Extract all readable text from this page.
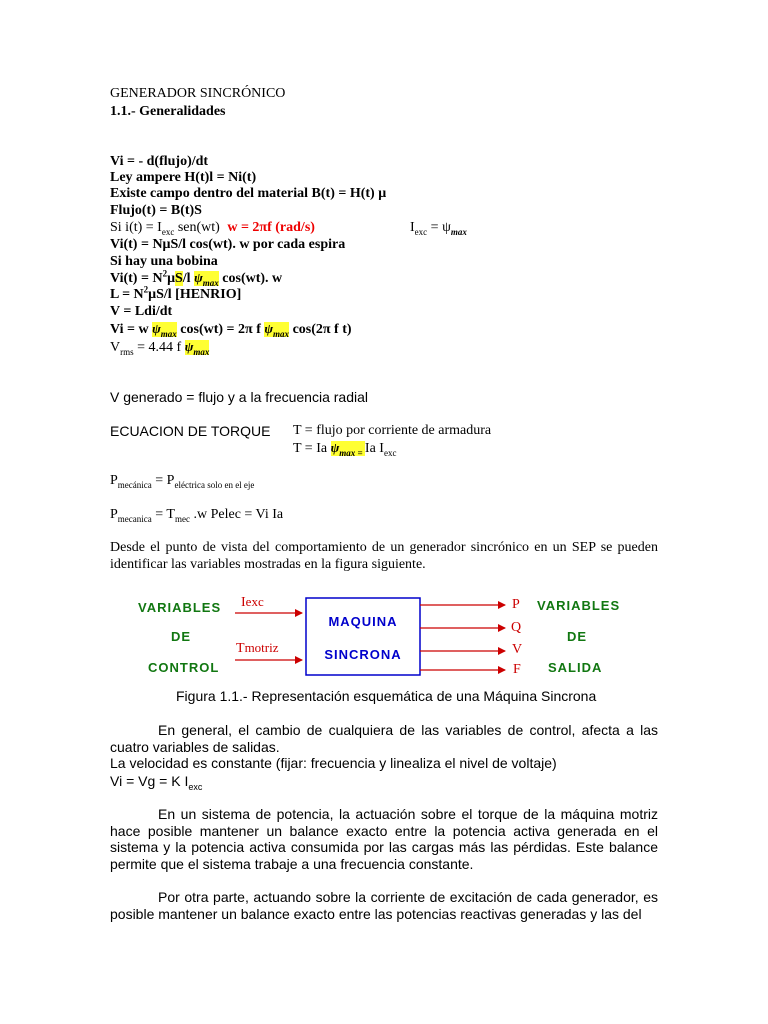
GENERADOR SINCRÓNICO
1.1.- Generalidades
Vi = - d(flujo)/dt
Ley ampere H(t)l = Ni(t)
Existe campo dentro del material B(t) = H(t) μ
Flujo(t) = B(t)S
Si $i(t) = I_{exc}$ sen(wt) w = 2πf (rad/s)	$I_{exc} = \psi_{max}$
Vi(t) = NμS/l cos(wt). w por cada espira
Si hay una bobina
$Vi(t) = N^2\mu S/l$ $\psi_{max}$ cos(wt). w
$L = N^2\mu S/l$ [HENRIO]
V = Ldi/dt
Vi = w $\psi_{max}$ cos(wt) = 2π f $\psi_{max}$ cos(2π f t)
$V_{rms} = 4.44$ f $\psi_{max}$
V generado = flujo y a la frecuencia radial
ECUACION DE TORQUE T = flujo por corriente de armadura
T = Ia $\psi_{max =}$ Ia $I_{exc}$
$P_{mecánica} = P_{eléctrica solo en el eje}$
$P_{mecanica} = T_{mec}$ .w Pelec = Vi Ia
Desde el punto de vista del comportamiento de un generador sincrónico en un SEP se pueden identificar las variables mostradas en la figura siguiente.
VARIABLES
DE
CONTROL
Iexc
Tmotriz
MAQUINA
SINCRONA
P
Q
V
F
VARIABLES
DE
SALIDA
Figura 1.1.- Representación esquemática de una Máquina Sincrona
En general, el cambio de cualquiera de las variables de control, afecta a las cuatro variables de salidas.
La velocidad es constante (fijar: frecuencia y linealiza el nivel de voltaje)
Vi = Vg = K $I_{exc}$
En un sistema de potencia, la actuación sobre el torque de la máquina motriz hace posible mantener un balance exacto entre la potencia activa generada en el sistema y la potencia activa consumida por las cargas más las pérdidas. Este balance permite que el sistema trabaje a una frecuencia constante.
Por otra parte, actuando sobre la corriente de excitación de cada generador, es posible mantener un balance exacto entre las potencias reactivas generadas y las del
